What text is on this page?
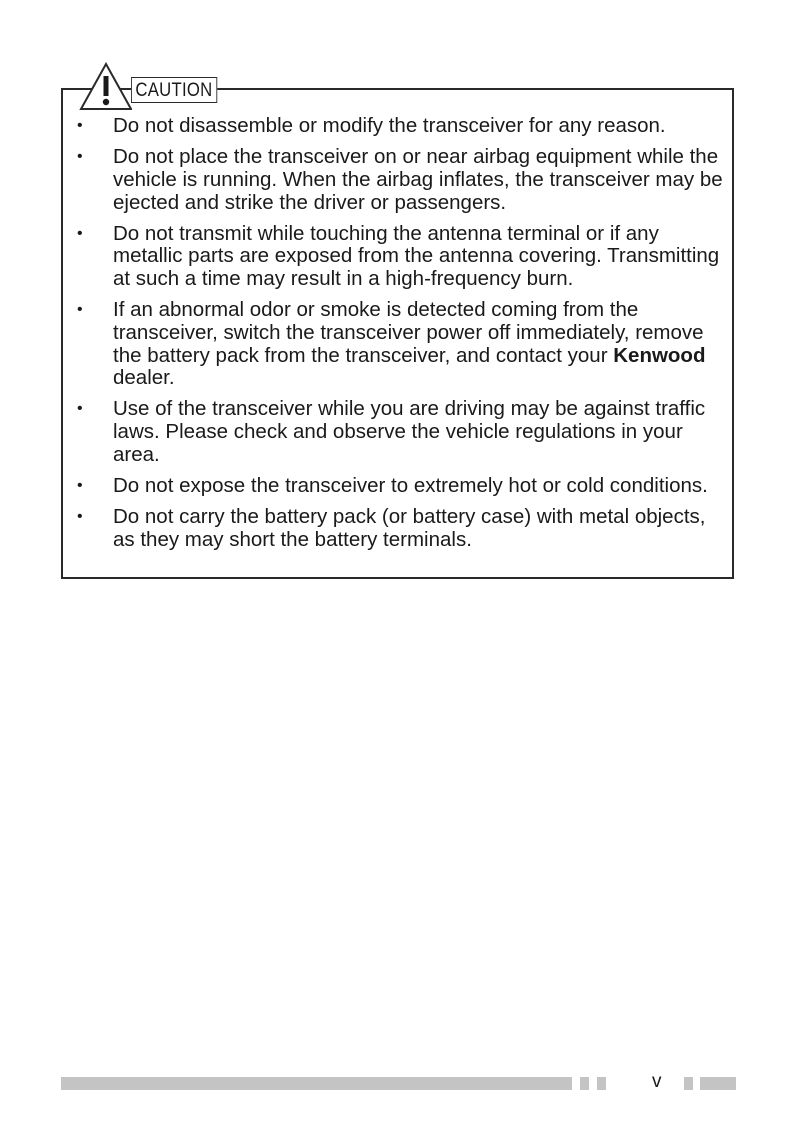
CAUTION
• Do not disassemble or modify the transceiver for any reason.
• Do not place the transceiver on or near airbag equipment while the vehicle is running. When the airbag inflates, the transceiver may be ejected and strike the driver or passengers.
• Do not transmit while touching the antenna terminal or if any metallic parts are exposed from the antenna covering. Transmitting at such a time may result in a high-frequency burn.
• If an abnormal odor or smoke is detected coming from the transceiver, switch the transceiver power off immediately, remove the battery pack from the transceiver, and contact your Kenwood dealer.
• Use of the transceiver while you are driving may be against traffic laws. Please check and observe the vehicle regulations in your area.
• Do not expose the transceiver to extremely hot or cold conditions.
• Do not carry the battery pack (or battery case) with metal objects, as they may short the battery terminals.
v
